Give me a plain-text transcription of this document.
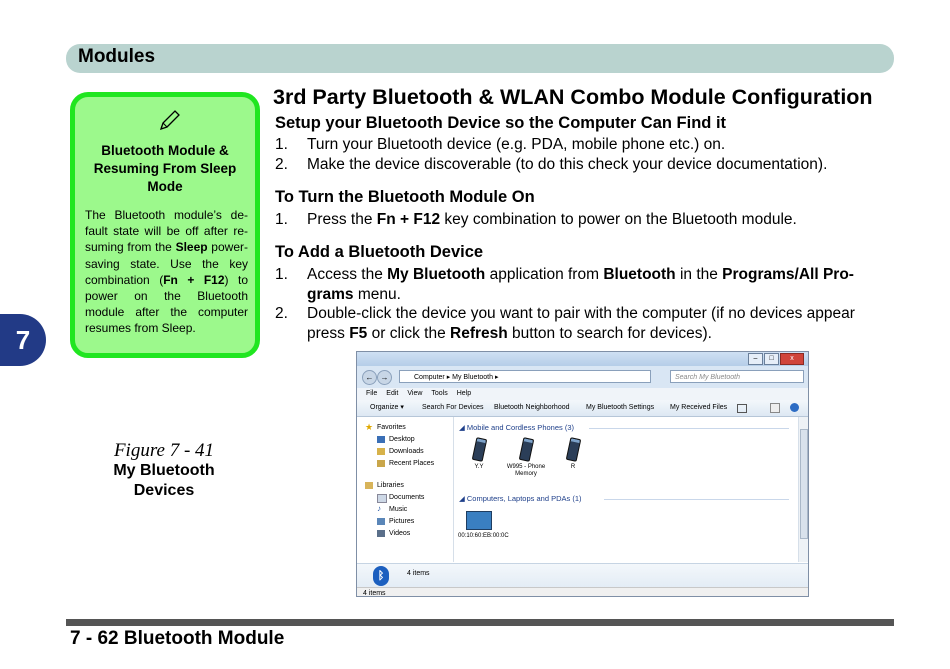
Modules
7
Bluetooth Module & Resuming From Sleep Mode
The Bluetooth module’s de-fault state will be off after re-suming from the Sleep power-saving state. Use the key combination (Fn + F12) to power on the Bluetooth module after the computer resumes from Sleep.
Figure 7 - 41
My Bluetooth Devices
3rd Party Bluetooth & WLAN Combo Module Configuration
Setup your Bluetooth Device so the Computer Can Find it
1.	Turn your Bluetooth device (e.g. PDA, mobile phone etc.) on.
2.	Make the device discoverable (to do this check your device documentation).
To Turn the Bluetooth Module On
1.	Press the Fn + F12 key combination to power on the Bluetooth module.
To Add a Bluetooth Device
1.	Access the My Bluetooth application from Bluetooth in the Programs/All Pro-grams menu.
2.	Double-click the device you want to pair with the computer (if no devices appear press F5 or click the Refresh button to search for devices).
–	□	x
← →	Computer ▸ My Bluetooth ▸	Search My Bluetooth
File Edit View Tools Help
Organize ▾	Search For Devices Bluetooth Neighborhood My Bluetooth Settings My Received Files
★ Favorites
Desktop
Downloads
Recent Places
Libraries
Documents
♪	Music
Pictures
Videos
◢ Mobile and Cordless Phones (3)
Y.Y	W995 - Phone Memory
R
◢ Computers, Laptops and PDAs (1)
00:10:60:EB:00:0C
ᛒ	4 items
4 items
7 - 62 Bluetooth Module
